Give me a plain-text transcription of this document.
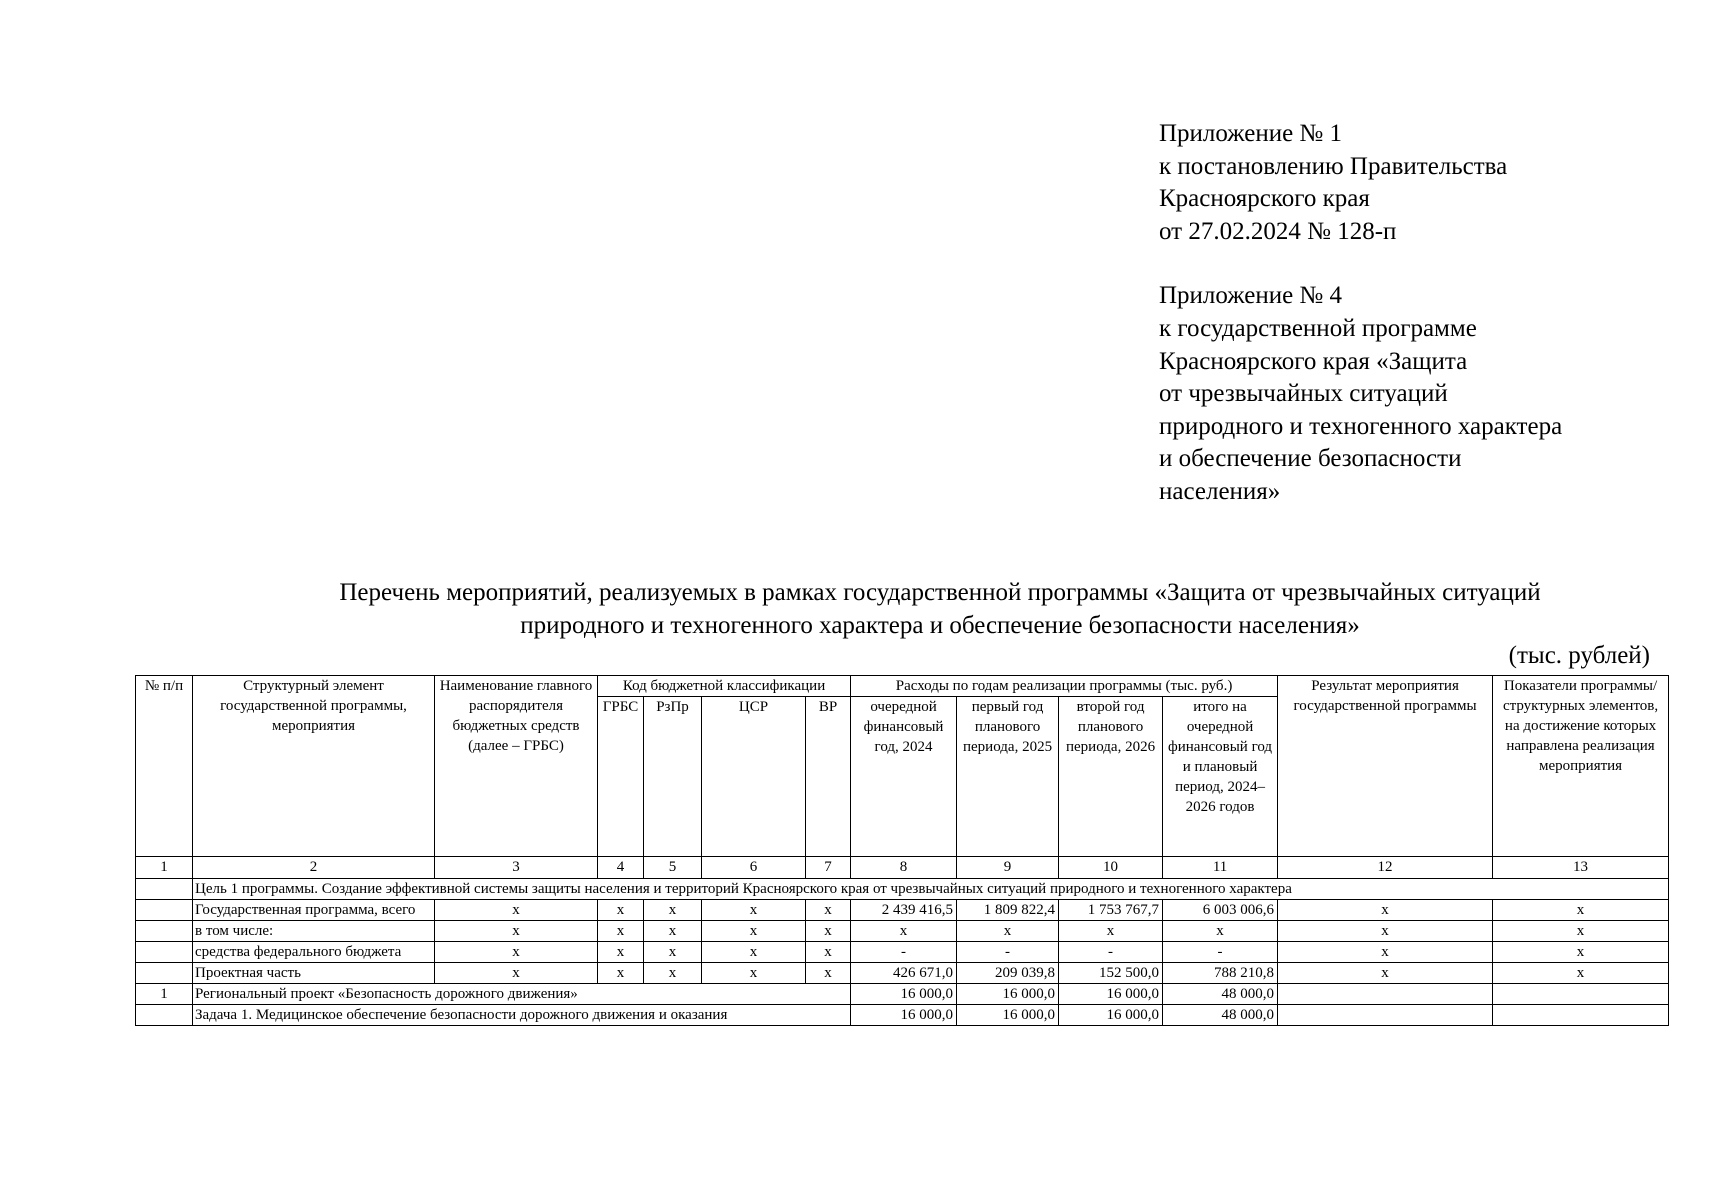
Приложение № 1
к постановлению Правительства
Красноярского края
от 27.02.2024 № 128-п
Приложение № 4
к государственной программе
Красноярского края «Защита
от чрезвычайных ситуаций
природного и техногенного характера
и обеспечение безопасности
населения»
Перечень мероприятий, реализуемых в рамках государственной программы «Защита от чрезвычайных ситуаций
природного и техногенного характера и обеспечение безопасности населения»
(тыс. рублей)
№ п/п	Структурный элемент государственной программы, мероприятия	Наименование главного распорядителя бюджетных средств (далее – ГРБС)	Код бюджетной классификации				Расходы по годам реализации программы (тыс. руб.)				Результат мероприятия государственной программы	Показатели программы/ структурных элементов, на достижение которых направлена реализация мероприятия
			ГРБС	РзПр	ЦСР	ВР	очередной финансовый год, 2024	первый год планового периода, 2025	второй год планового периода, 2026	итого на очередной финансовый год и плановый период, 2024–2026 годов		
1	2	3	4	5	6	7	8	9	10	11	12	13
	Цель 1 программы. Создание эффективной системы защиты населения и территорий Красноярского края от чрезвычайных ситуаций природного и техногенного характера											
	Государственная программа, всего	x	x	x	x	x	2 439 416,5	1 809 822,4	1 753 767,7	6 003 006,6	x	x
	в том числе:	x	x	x	x	x	x	x	x	x	x	x
	средства федерального бюджета	x	x	x	x	x	-	-	-	-	x	x
	Проектная часть	x	x	x	x	x	426 671,0	209 039,8	152 500,0	788 210,8	x	x
1	Региональный проект «Безопасность дорожного движения»						16 000,0	16 000,0	16 000,0	48 000,0		
	Задача 1. Медицинское обеспечение безопасности дорожного движения и оказания						16 000,0	16 000,0	16 000,0	48 000,0		
